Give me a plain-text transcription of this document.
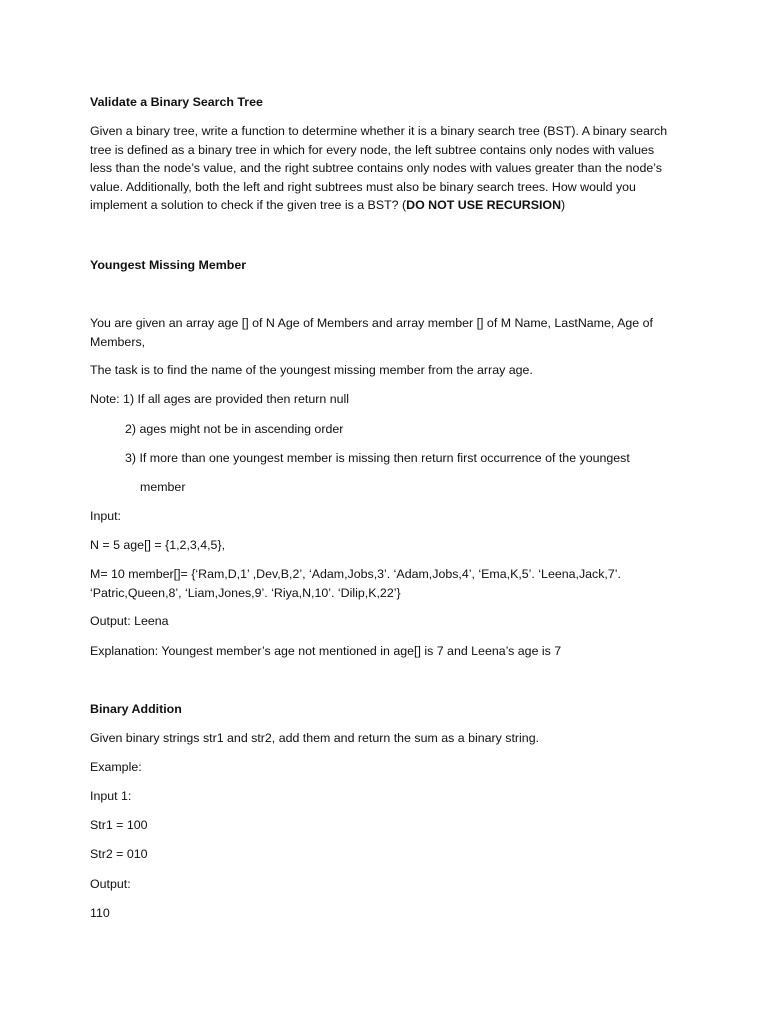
Validate a Binary Search Tree
Given a binary tree, write a function to determine whether it is a binary search tree (BST). A binary search tree is defined as a binary tree in which for every node, the left subtree contains only nodes with values less than the node’s value, and the right subtree contains only nodes with values greater than the node’s value. Additionally, both the left and right subtrees must also be binary search trees. How would you implement a solution to check if the given tree is a BST? (DO NOT USE RECURSION)
Youngest Missing Member
You are given an array age [] of N Age of Members and array member [] of M Name, LastName, Age of Members,
The task is to find the name of the youngest missing member from the array age.
Note: 1) If all ages are provided then return null
2) ages might not be in ascending order
3) If more than one youngest member is missing then return first occurrence of the youngest
member
Input:
N = 5 age[] = {1,2,3,4,5},
M= 10 member[]= {‘Ram,D,1’ ,Dev,B,2’, ‘Adam,Jobs,3’. ‘Adam,Jobs,4’, ‘Ema,K,5’. ‘Leena,Jack,7’. ‘Patric,Queen,8’, ‘Liam,Jones,9’. ‘Riya,N,10’. ‘Dilip,K,22’}
Output: Leena
Explanation: Youngest member’s age not mentioned in age[] is 7 and Leena’s age is 7
Binary Addition
Given binary strings str1 and str2, add them and return the sum as a binary string.
Example:
Input 1:
Str1 = 100
Str2 = 010
Output:
110
